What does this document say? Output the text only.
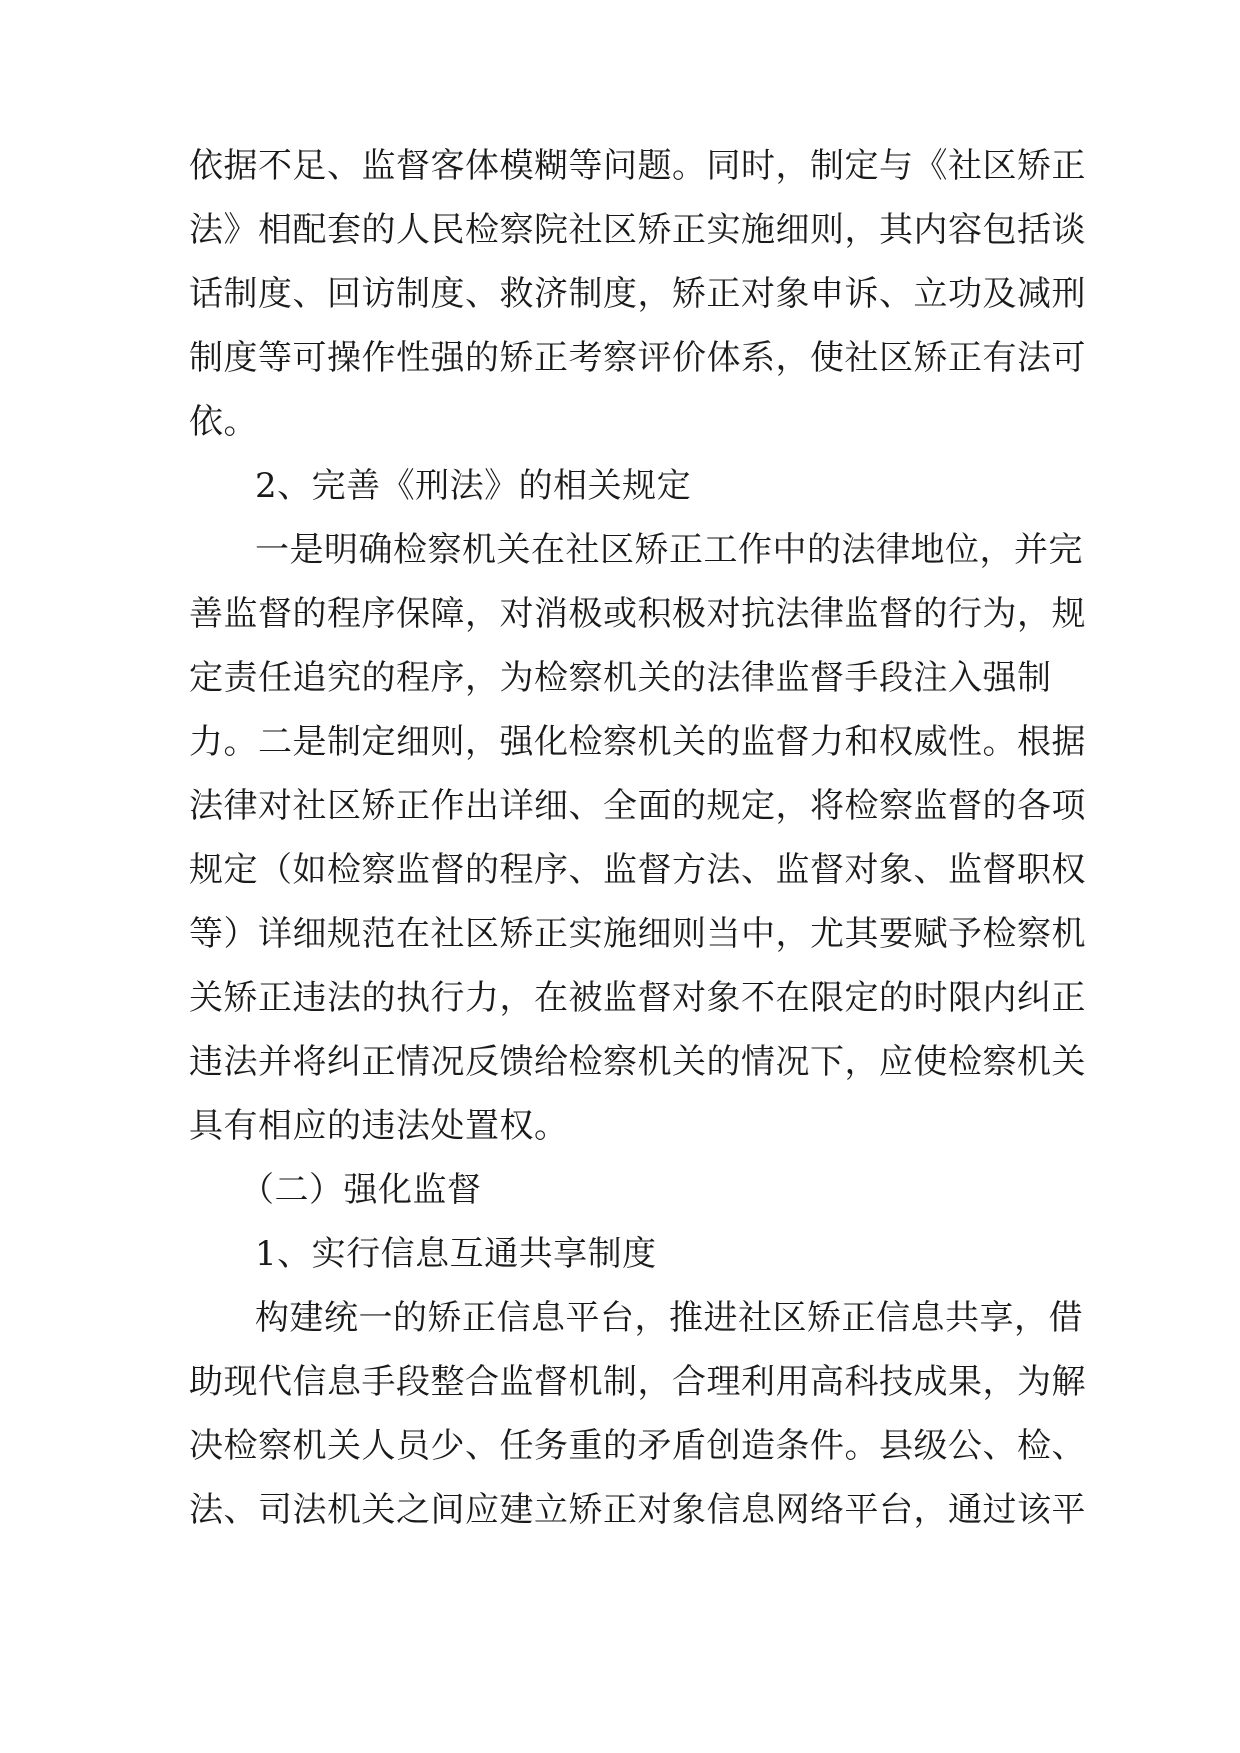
依据不足、监督客体模糊等问题。同时，制定与《社区矫正
法》相配套的人民检察院社区矫正实施细则，其内容包括谈
话制度、回访制度、救济制度，矫正对象申诉、立功及减刑
制度等可操作性强的矫正考察评价体系，使社区矫正有法可
依。
2、完善《刑法》的相关规定
一是明确检察机关在社区矫正工作中的法律地位，并完
善监督的程序保障，对消极或积极对抗法律监督的行为，规
定责任追究的程序，为检察机关的法律监督手段注入强制
力。二是制定细则，强化检察机关的监督力和权威性。根据
法律对社区矫正作出详细、全面的规定，将检察监督的各项
规定（如检察监督的程序、监督方法、监督对象、监督职权
等）详细规范在社区矫正实施细则当中，尤其要赋予检察机
关矫正违法的执行力，在被监督对象不在限定的时限内纠正
违法并将纠正情况反馈给检察机关的情况下，应使检察机关
具有相应的违法处置权。
（二）强化监督
1、实行信息互通共享制度
构建统一的矫正信息平台，推进社区矫正信息共享，借
助现代信息手段整合监督机制，合理利用高科技成果，为解
决检察机关人员少、任务重的矛盾创造条件。县级公、检、
法、司法机关之间应建立矫正对象信息网络平台，通过该平
